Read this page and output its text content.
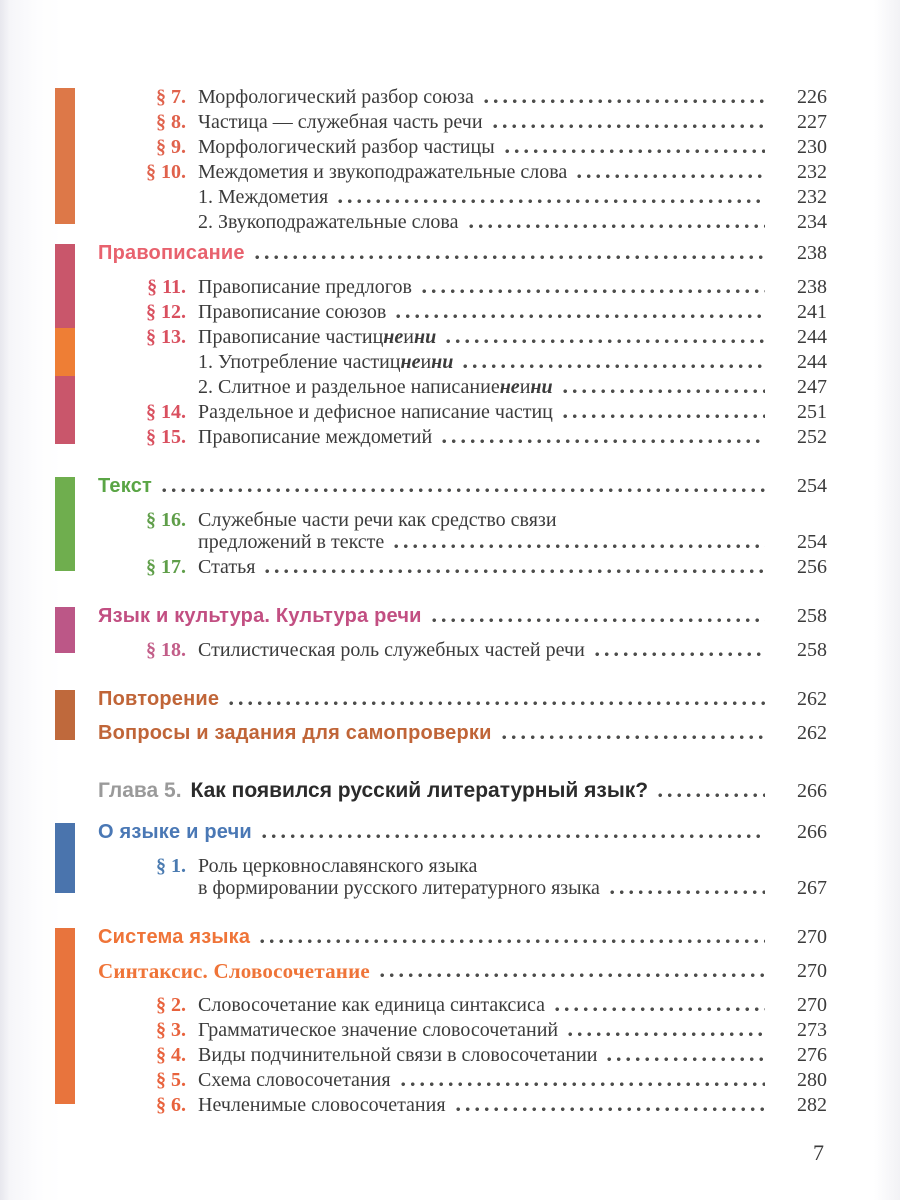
§ 7. Морфологический разбор союза	226
§ 8. Частица — служебная часть речи	227
§ 9. Морфологический разбор частицы	230
§ 10. Междометия и звукоподражательные слова	232
1. Междометия	232
2. Звукоподражательные слова	234
Правописание	238
§ 11. Правописание предлогов	238
§ 12. Правописание союзов	241
§ 13. Правописание частиц не и ни	244
1. Употребление частиц не и ни	244
2. Слитное и раздельное написание не и ни	247
§ 14. Раздельное и дефисное написание частиц	251
§ 15. Правописание междометий	252
Текст	254
§ 16. Служебные части речи как средство связи
предложений в тексте	254
§ 17. Статья	256
Язык и культура. Культура речи	258
§ 18. Стилистическая роль служебных частей речи	258
Повторение	262
Вопросы и задания для самопроверки	262
Глава 5. Как появился русский литературный язык?	266
О языке и речи	266
§ 1. Роль церковнославянского языка
в формировании русского литературного языка	267
Система языка	270
Синтаксис. Словосочетание	270
§ 2. Словосочетание как единица синтаксиса	270
§ 3. Грамматическое значение словосочетаний	273
§ 4. Виды подчинительной связи в словосочетании	276
§ 5. Схема словосочетания	280
§ 6. Нечленимые словосочетания	282
7
